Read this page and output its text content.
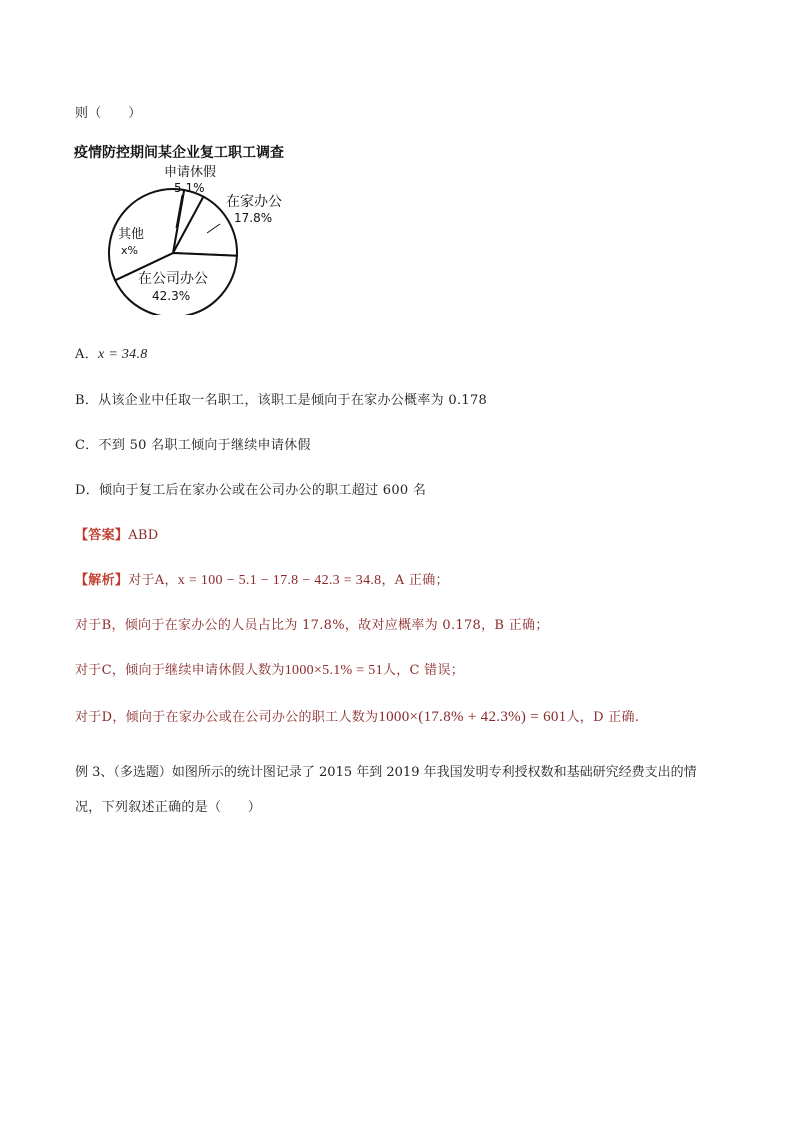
则（　　）
疫情防控期间某企业复工职工调查
申请休假
5.1%
在家办公
17.8%
在公司办公
42.3%
其他
x%
A．x = 34.8
B．从该企业中任取一名职工，该职工是倾向于在家办公概率为 0.178
C．不到 50 名职工倾向于继续申请休假
D．倾向于复工后在家办公或在公司办公的职工超过 600 名
【答案】ABD
【解析】对于A，x = 100 − 5.1 − 17.8 − 42.3 = 34.8，A 正确；
对于B，倾向于在家办公的人员占比为 17.8%，故对应概率为 0.178，B 正确；
对于C，倾向于继续申请休假人数为1000×5.1% = 51人，C 错误；
对于D，倾向于在家办公或在公司办公的职工人数为1000×(17.8% + 42.3%) = 601人，D 正确.
例 3、（多选题）如图所示的统计图记录了 2015 年到 2019 年我国发明专利授权数和基础研究经费支出的情
况，下列叙述正确的是（　　）
